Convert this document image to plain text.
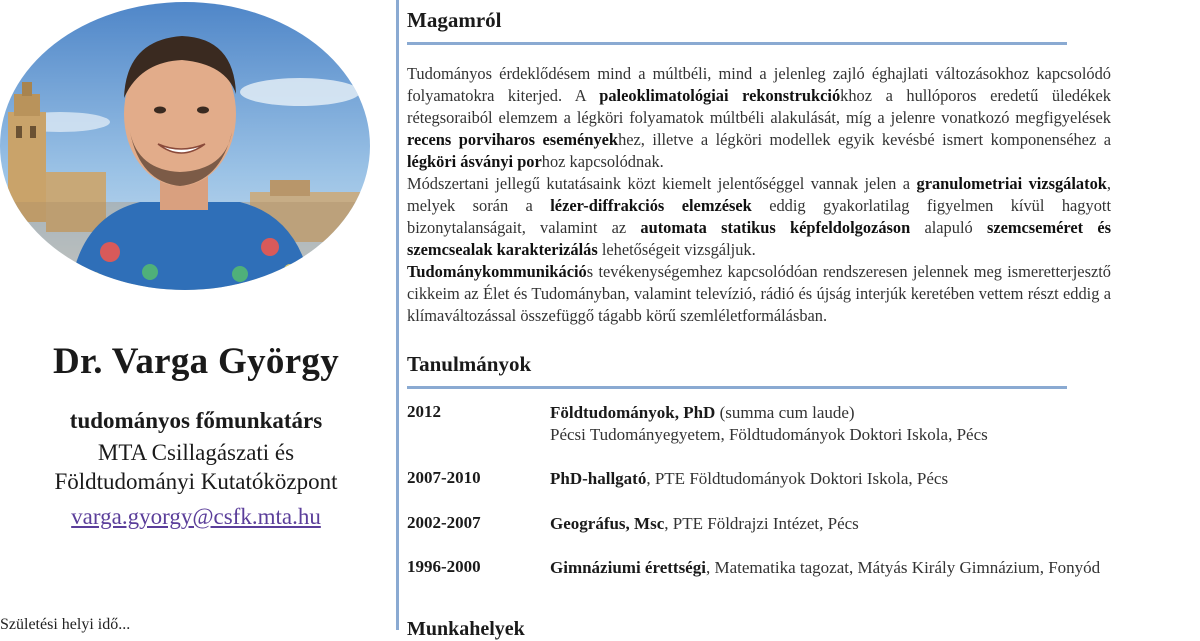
Dr. Varga György
tudományos főmunkatárs
MTA Csillagászati és
Földtudományi Kutatóközpont
varga.gyorgy@csfk.mta.hu
Születési helyi idő...
Magamról

Tudományos érdeklődésem mind a múltbéli, mind a jelenleg zajló éghajlati változásokhoz kapcsolódó folyamatokra kiterjed. A paleoklimatológiai rekonstrukciókhoz a hullóporos eredetű üledékek rétegsoraiból elemzem a légköri folyamatok múltbéli alakulását, míg a jelenre vonatkozó megfigyelések recens porviharos eseményekhez, illetve a légköri modellek egyik kevésbé ismert komponenséhez a légköri ásványi porhoz kapcsolódnak.

Módszertani jellegű kutatásaink közt kiemelt jelentőséggel vannak jelen a granulometriai vizsgálatok, melyek során a lézer-diffrakciós elemzések eddig gyakorlatilag figyelmen kívül hagyott bizonytalanságait, valamint az automata statikus képfeldolgozáson alapuló szemcseméret és szemcsealak karakterizálás lehetőségeit vizsgáljuk.

Tudománykommunikációs tevékenységemhez kapcsolódóan rendszeresen jelennek meg ismeretterjesztő cikkeim az Élet és Tudományban, valamint televízió, rádió és újság interjúk keretében vettem részt eddig a klímaváltozással összefüggő tágabb körű szemléletformálásban.

Tanulmányok
2012	Földtudományok, PhD (summa cum laude)
Pécsi Tudományegyetem, Földtudományok Doktori Iskola, Pécs
2007-2010	PhD-hallgató, PTE Földtudományok Doktori Iskola, Pécs
2002-2007	Geográfus, Msc, PTE Földrajzi Intézet, Pécs
1996-2000	Gimnáziumi érettségi, Matematika tagozat, Mátyás Király Gimnázium, Fonyód
Munkahelyek
